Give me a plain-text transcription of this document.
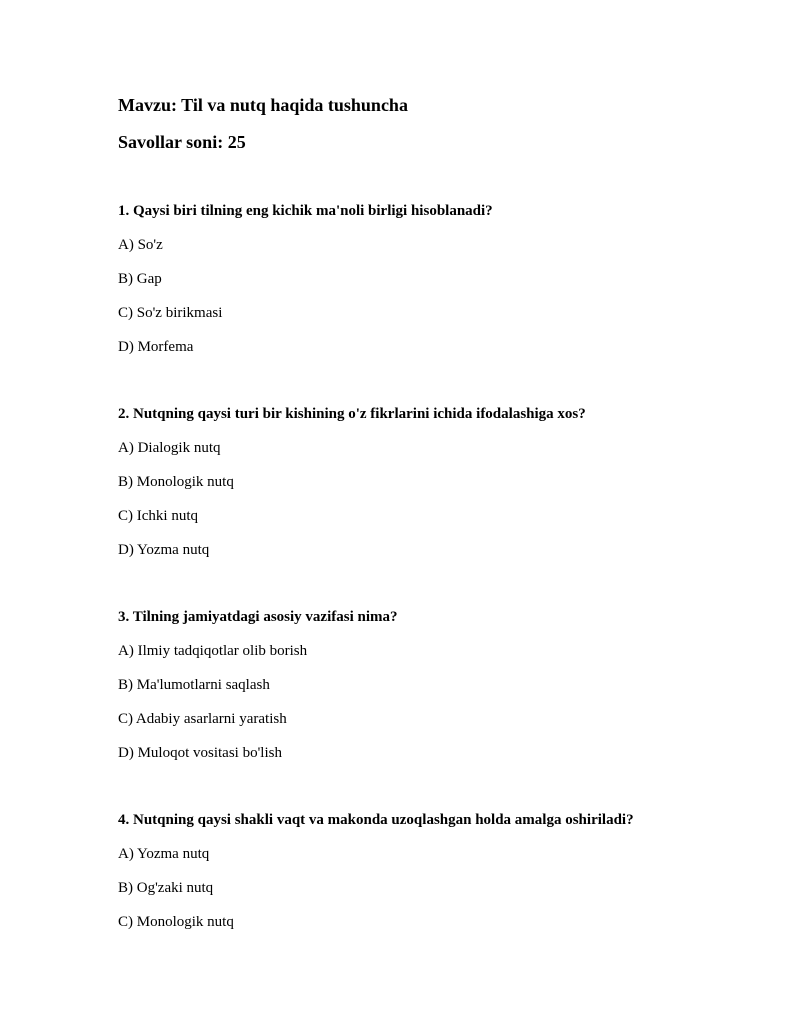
Mavzu: Til va nutq haqida tushuncha
Savollar soni: 25
1. Qaysi biri tilning eng kichik ma'noli birligi hisoblanadi?
A) So'z
B) Gap
C) So'z birikmasi
D) Morfema
2. Nutqning qaysi turi bir kishining o'z fikrlarini ichida ifodalashiga xos?
A) Dialogik nutq
B) Monologik nutq
C) Ichki nutq
D) Yozma nutq
3. Tilning jamiyatdagi asosiy vazifasi nima?
A) Ilmiy tadqiqotlar olib borish
B) Ma'lumotlarni saqlash
C) Adabiy asarlarni yaratish
D) Muloqot vositasi bo'lish
4. Nutqning qaysi shakli vaqt va makonda uzoqlashgan holda amalga oshiriladi?
A) Yozma nutq
B) Og'zaki nutq
C) Monologik nutq
